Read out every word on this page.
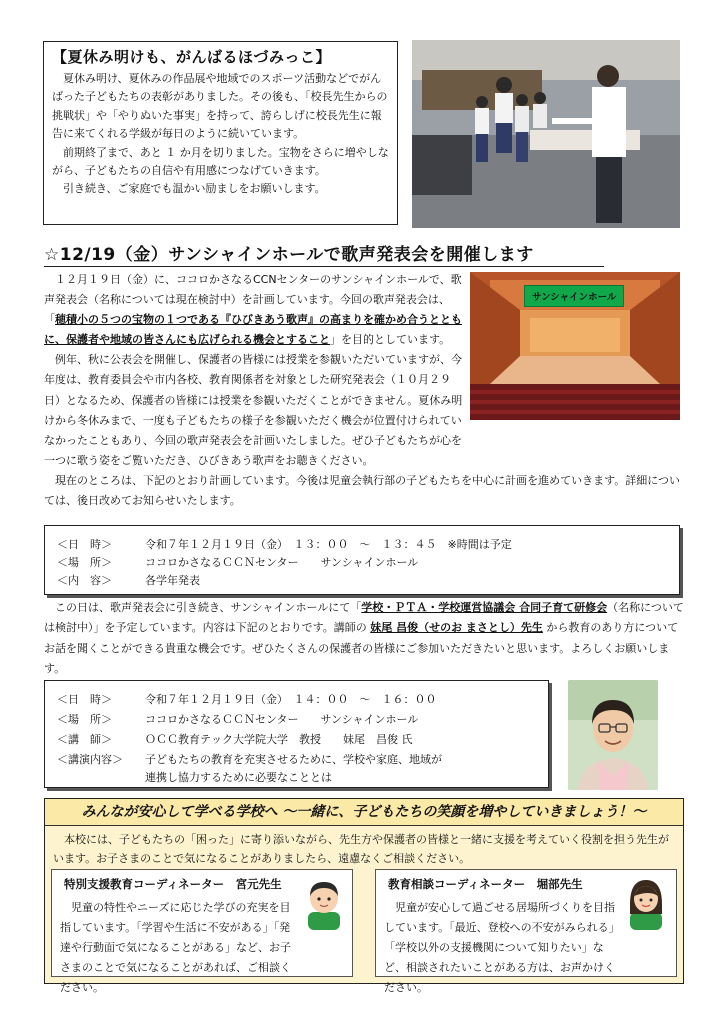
【夏休み明けも、がんばるほづみっこ】

夏休み明け、夏休みの作品展や地域でのスポーツ活動などでがんばった子どもたちの表彰がありました。その後も、「校長先生からの挑戦状」や「やりぬいた事実」を持って、誇らしげに校長先生に報告に来てくれる学級が毎日のように続いています。

前期終了まで、あと １ か月を切りました。宝物をさらに増やしながら、子どもたちの自信や有用感につなげていきます。

引き続き、ご家庭でも温かい励ましをお願いします。

☆12/19（金）サンシャインホールで歌声発表会を開催します
サンシャインホール

１２月１９日（金）に、ココロかさなるCCNセンターのサンシャインホールで、歌声発表会（名称については現在検討中）を計画しています。今回の歌声発表会は、「穂積小の５つの宝物の１つである『ひびきあう歌声』の高まりを確かめ合うとともに、保護者や地域の皆さんにも広げられる機会とすること」を目的としています。

例年、秋に公表会を開催し、保護者の皆様には授業を参観いただいていますが、今年度は、教育委員会や市内各校、教育関係者を対象とした研究発表会（１０月２９日）となるため、保護者の皆様には授業を参観いただくことができません。夏休み明けから冬休みまで、一度も子どもたちの様子を参観いただく機会が位置付けられていなかったこともあり、今回の歌声発表会を計画いたしました。ぜひ子どもたちが心を一つに歌う姿をご覧いただき、ひびきあう歌声をお聴きください。

現在のところは、下記のとおり計画しています。今後は児童会執行部の子どもたちを中心に計画を進めていきます。詳細については、後日改めてお知らせいたします。

＜日　時＞	令和７年１２月１９日（金）　１３：００　～　１３：４５　※時間は予定
＜場　所＞	ココロかさなるＣＣＮセンター　　サンシャインホール
＜内　容＞	各学年発表

この日は、歌声発表会に引き続き、サンシャインホールにて「学校・ＰＴＡ・学校運営協議会 合同子育て研修会（名称については検討中）」を予定しています。内容は下記のとおりです。講師の 妹尾 昌俊（せのお まさとし）先生 から教育のあり方についてお話を聞くことができる貴重な機会です。ぜひたくさんの保護者の皆様にご参加いただきたいと思います。よろしくお願いします。

＜日　時＞	令和７年１２月１９日（金）　１４：００　～　１６：００
＜場　所＞	ココロかさなるＣＣＮセンター　　サンシャインホール
＜講　師＞	ＯＣＣ教育テック大学院大学　教授　　妹尾　昌俊 氏
＜講演内容＞ 子どもたちの教育を充実させるために、学校や家庭、地域が
連携し協力するために必要なこととは
みんなが安心して学べる学校へ ～一緒に、子どもたちの笑顔を増やしていきましょう！～

本校には、子どもたちの「困った」に寄り添いながら、先生方や保護者の皆様と一緒に支援を考えていく役割を担う先生がいます。お子さまのことで気になることがありましたら、遠慮なくご相談ください。

特別支援教育コーディネーター　宮元先生

児童の特性やニーズに応じた学びの充実を目指しています。「学習や生活に不安がある」「発達や行動面で気になることがある」など、お子さまのことで気になることがあれば、ご相談ください。

教育相談コーディネーター　堀部先生

児童が安心して過ごせる居場所づくりを目指しています。「最近、登校への不安がみられる」「学校以外の支援機関について知りたい」など、相談されたいことがある方は、お声かけください。
